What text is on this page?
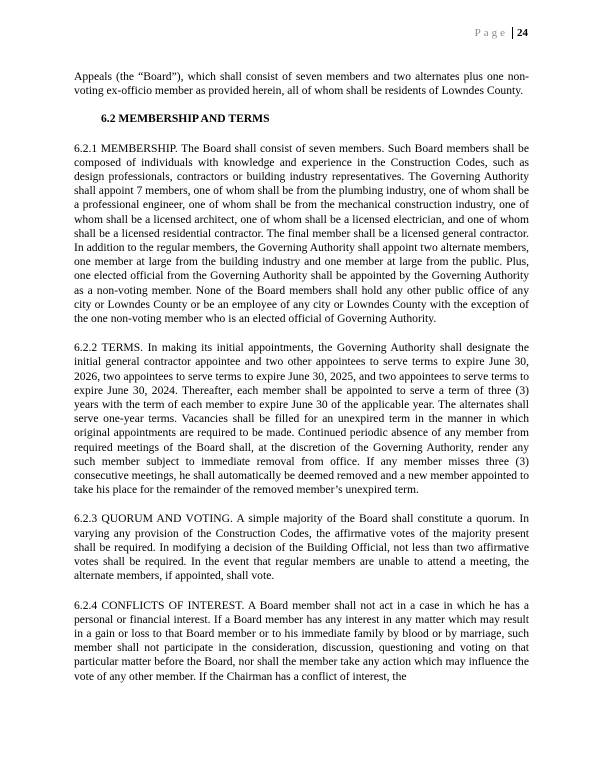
Page 24

Appeals (the “Board”), which shall consist of seven members and two alternates plus one non-voting ex-officio member as provided herein, all of whom shall be residents of Lowndes County.

6.2 MEMBERSHIP AND TERMS

6.2.1 MEMBERSHIP. The Board shall consist of seven members. Such Board members shall be composed of individuals with knowledge and experience in the Construction Codes, such as design professionals, contractors or building industry representatives. The Governing Authority shall appoint 7 members, one of whom shall be from the plumbing industry, one of whom shall be a professional engineer, one of whom shall be from the mechanical construction industry, one of whom shall be a licensed architect, one of whom shall be a licensed electrician, and one of whom shall be a licensed residential contractor. The final member shall be a licensed general contractor. In addition to the regular members, the Governing Authority shall appoint two alternate members, one member at large from the building industry and one member at large from the public. Plus, one elected official from the Governing Authority shall be appointed by the Governing Authority as a non-voting member. None of the Board members shall hold any other public office of any city or Lowndes County or be an employee of any city or Lowndes County with the exception of the one non-voting member who is an elected official of Governing Authority.

6.2.2 TERMS. In making its initial appointments, the Governing Authority shall designate the initial general contractor appointee and two other appointees to serve terms to expire June 30, 2026, two appointees to serve terms to expire June 30, 2025, and two appointees to serve terms to expire June 30, 2024. Thereafter, each member shall be appointed to serve a term of three (3) years with the term of each member to expire June 30 of the applicable year. The alternates shall serve one-year terms. Vacancies shall be filled for an unexpired term in the manner in which original appointments are required to be made. Continued periodic absence of any member from required meetings of the Board shall, at the discretion of the Governing Authority, render any such member subject to immediate removal from office. If any member misses three (3) consecutive meetings, he shall automatically be deemed removed and a new member appointed to take his place for the remainder of the removed member’s unexpired term.

6.2.3 QUORUM AND VOTING. A simple majority of the Board shall constitute a quorum. In varying any provision of the Construction Codes, the affirmative votes of the majority present shall be required. In modifying a decision of the Building Official, not less than two affirmative votes shall be required. In the event that regular members are unable to attend a meeting, the alternate members, if appointed, shall vote.

6.2.4 CONFLICTS OF INTEREST. A Board member shall not act in a case in which he has a personal or financial interest. If a Board member has any interest in any matter which may result in a gain or loss to that Board member or to his immediate family by blood or by marriage, such member shall not participate in the consideration, discussion, questioning and voting on that particular matter before the Board, nor shall the member take any action which may influence the vote of any other member. If the Chairman has a conflict of interest, the
